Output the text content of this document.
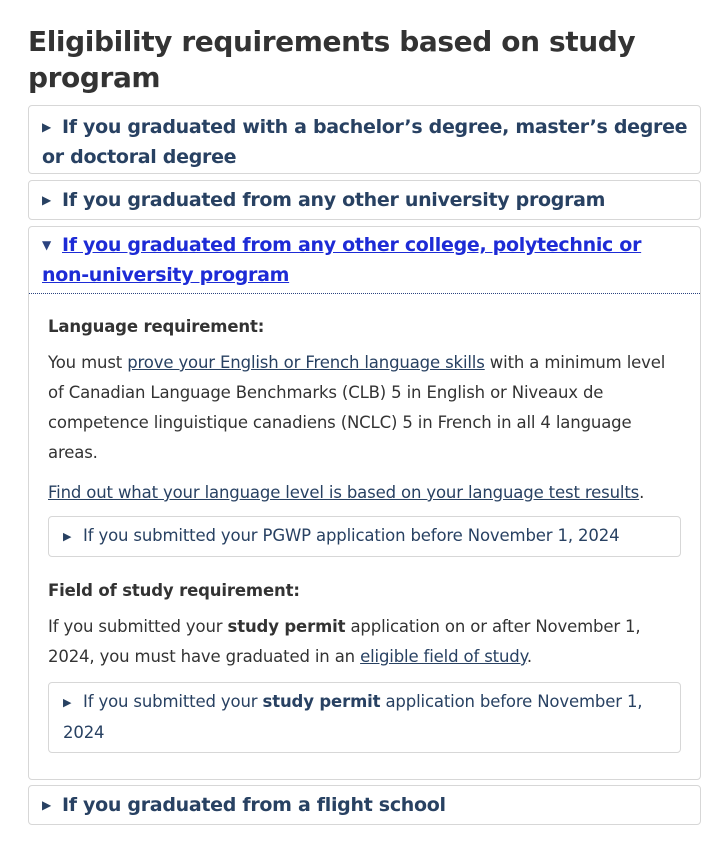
Eligibility requirements based on study program
▶ If you graduated with a bachelor’s degree, master’s degree or doctoral degree
▶ If you graduated from any other university program
▼ If you graduated from any other college, polytechnic or non-university program

Language requirement:

You must prove your English or French language skills with a minimum level of Canadian Language Benchmarks (CLB) 5 in English or Niveaux de competence linguistique canadiens (NCLC) 5 in French in all 4 language areas.

Find out what your language level is based on your language test results.

▶ If you submitted your PGWP application before November 1, 2024

Field of study requirement:

If you submitted your study permit application on or after November 1, 2024, you must have graduated in an eligible field of study.

▶ If you submitted your study permit application before November 1, 2024
▶ If you graduated from a flight school
